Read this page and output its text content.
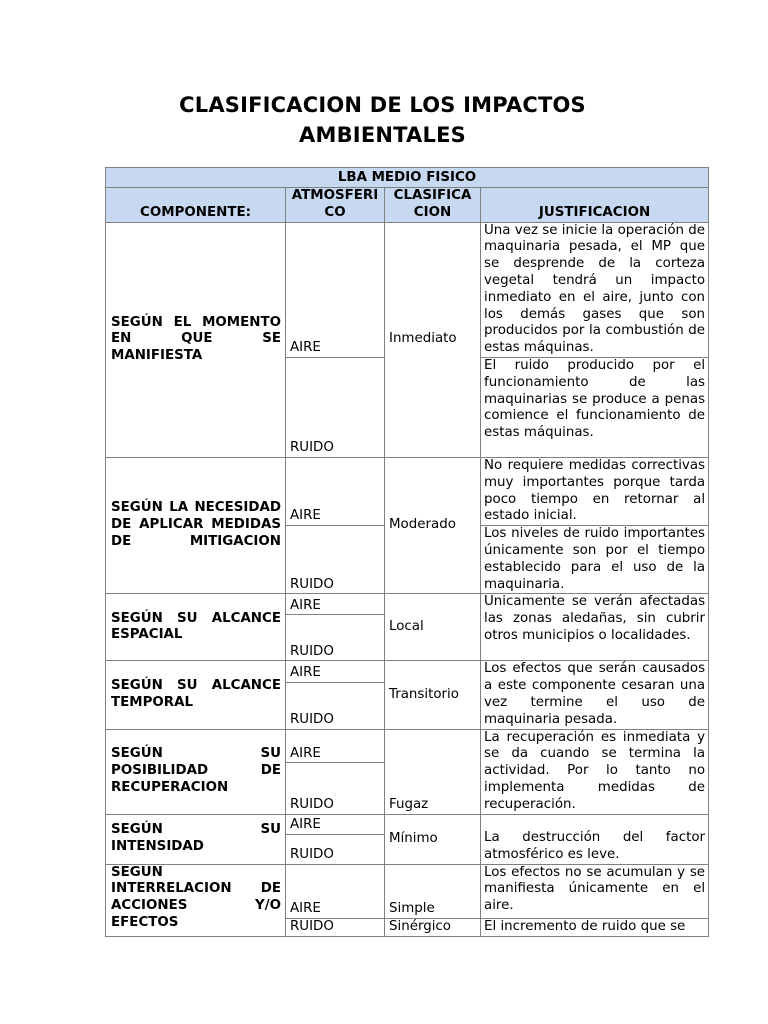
CLASIFICACION DE LOS IMPACTOS
AMBIENTALES
LBA MEDIO FISICO			
COMPONENTE:	ATMOSFERI CO	CLASIFICA CION	JUSTIFICACION
SEGÚN EL MOMENTO EN QUE SE MANIFIESTA	AIRE	Inmediato	Una vez se inicie la operación de maquinaria pesada, el MP que se desprende de la corteza vegetal tendrá un impacto inmediato en el aire, junto con los demás gases que son producidos por la combustión de estas máquinas.
	RUIDO		El ruido producido por el funcionamiento de las maquinarias se produce a penas comience el funcionamiento de estas máquinas.
SEGÚN LA NECESIDAD DE APLICAR MEDIDAS DE MITIGACION	AIRE	Moderado	No requiere medidas correctivas muy importantes porque tarda poco tiempo en retornar al estado inicial.
	RUIDO		Los niveles de ruido importantes únicamente son por el tiempo establecido para el uso de la maquinaria.
SEGÚN SU ALCANCE ESPACIAL	AIRE	Local	Únicamente se verán afectadas las zonas aledañas, sin cubrir otros municipios o localidades.
	RUIDO		
SEGÚN SU ALCANCE TEMPORAL	AIRE	Transitorio	Los efectos que serán causados a este componente cesaran una vez termine el uso de maquinaria pesada.
	RUIDO		
SEGÚN SU POSIBILIDAD DE RECUPERACION	AIRE	Fugaz	La recuperación es inmediata y se da cuando se termina la actividad. Por lo tanto no implementa medidas de recuperación.
	RUIDO		
SEGÚN SU INTENSIDAD	AIRE	Mínimo	La destrucción del factor atmosférico es leve.
	RUIDO		
SEGÚN INTERRELACION DE ACCIONES Y/O EFECTOS	AIRE	Simple	Los efectos no se acumulan y se manifiesta únicamente en el aire.
	RUIDO	Sinérgico	El incremento de ruido que se
